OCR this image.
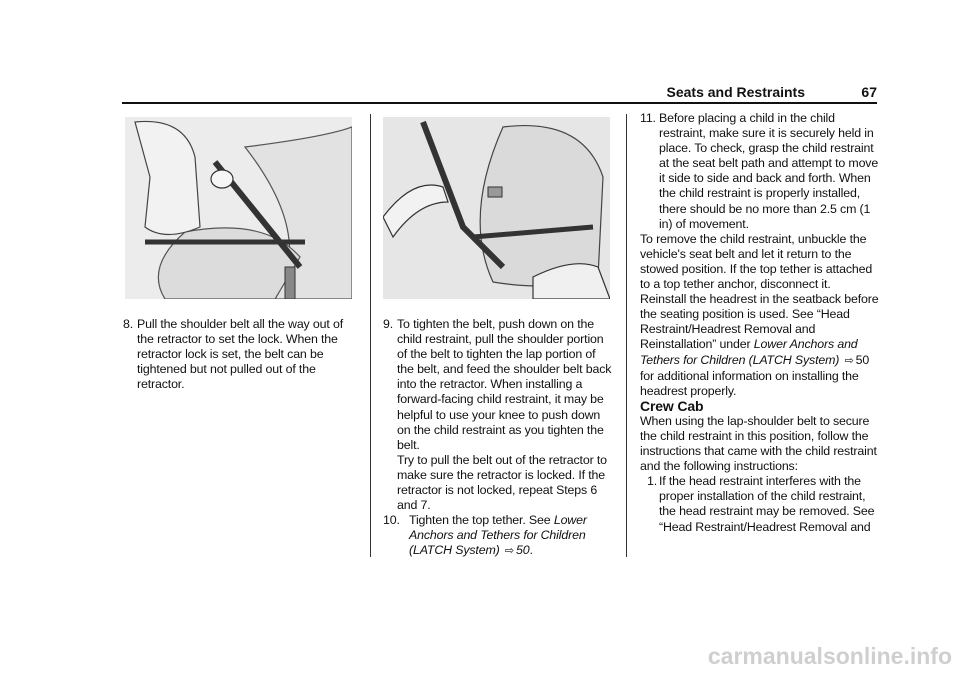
Seats and Restraints	67

8. Pull the shoulder belt all the way out of the retractor to set the lock. When the retractor lock is set, the belt can be tightened but not pulled out of the retractor.

9. To tighten the belt, push down on the child restraint, pull the shoulder portion of the belt to tighten the lap portion of the belt, and feed the shoulder belt back into the retractor. When installing a forward-facing child restraint, it may be helpful to use your knee to push down on the child restraint as you tighten the belt.

Try to pull the belt out of the retractor to make sure the retractor is locked. If the retractor is not locked, repeat Steps 6 and 7.

10. Tighten the top tether. See Lower Anchors and Tethers for Children (LATCH System) ⇨ 50.

11. Before placing a child in the child restraint, make sure it is securely held in place. To check, grasp the child restraint at the seat belt path and attempt to move it side to side and back and forth. When the child restraint is properly installed, there should be no more than 2.5 cm (1 in) of movement.

To remove the child restraint, unbuckle the vehicle's seat belt and let it return to the stowed position. If the top tether is attached to a top tether anchor, disconnect it. Reinstall the headrest in the seatback before the seating position is used. See “Head Restraint/Headrest Removal and Reinstallation” under Lower Anchors and Tethers for Children (LATCH System) ⇨ 50 for additional information on installing the headrest properly.

Crew Cab

When using the lap-shoulder belt to secure the child restraint in this position, follow the instructions that came with the child restraint and the following instructions:

1. If the head restraint interferes with the proper installation of the child restraint, the head restraint may be removed. See “Head Restraint/Headrest Removal and

carmanualsonline.info
